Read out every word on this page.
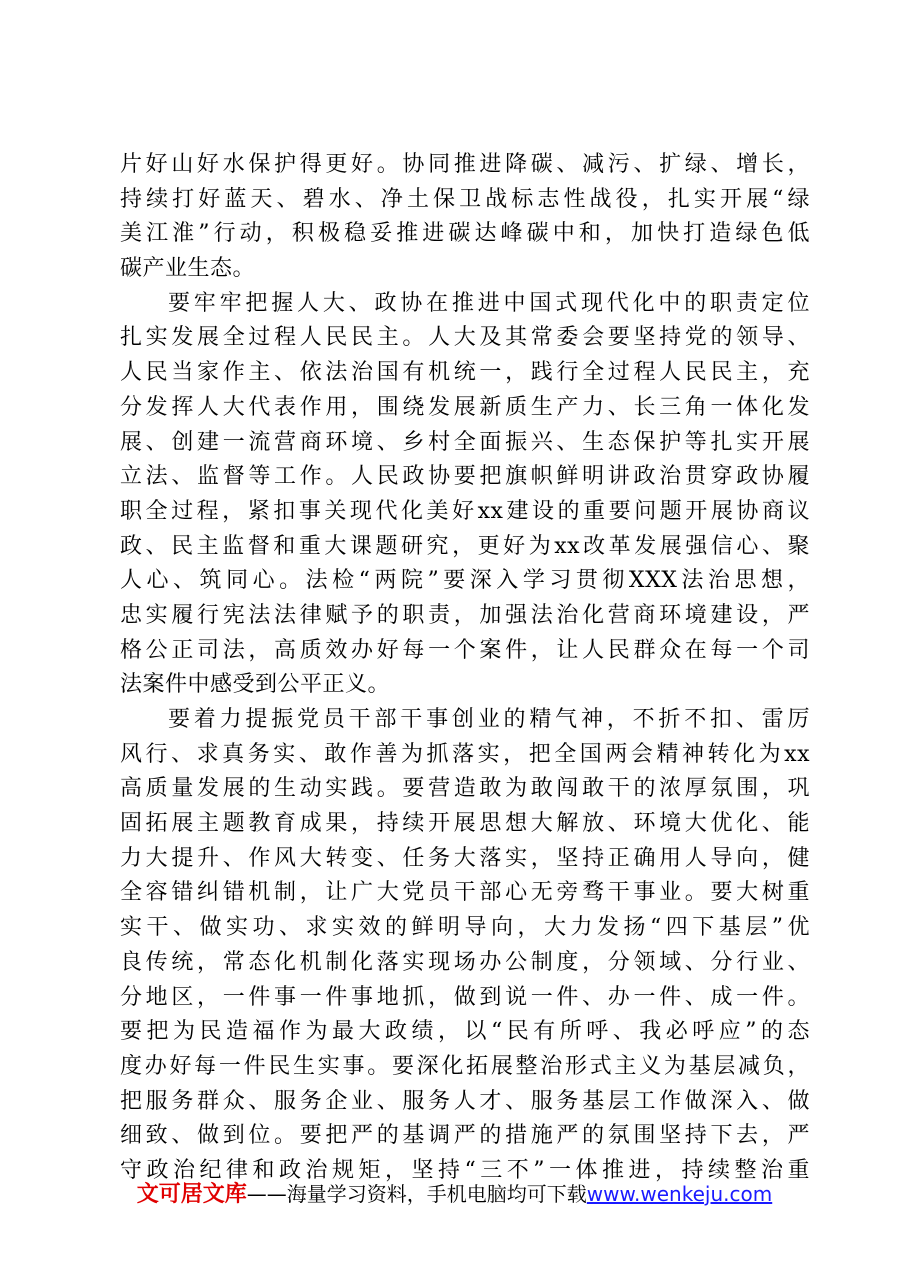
片好山好水保护得更好。协同推进降碳、减污、扩绿、增长，
持续打好蓝天、碧水、净土保卫战标志性战役，扎实开展“绿
美江淮”行动，积极稳妥推进碳达峰碳中和，加快打造绿色低
碳产业生态。
要牢牢把握人大、政协在推进中国式现代化中的职责定位
扎实发展全过程人民民主。人大及其常委会要坚持党的领导、
人民当家作主、依法治国有机统一，践行全过程人民民主，充
分发挥人大代表作用，围绕发展新质生产力、长三角一体化发
展、创建一流营商环境、乡村全面振兴、生态保护等扎实开展
立法、监督等工作。人民政协要把旗帜鲜明讲政治贯穿政协履
职全过程，紧扣事关现代化美好xx建设的重要问题开展协商议
政、民主监督和重大课题研究，更好为xx改革发展强信心、聚
人心、筑同心。法检“两院”要深入学习贯彻XXX法治思想，
忠实履行宪法法律赋予的职责，加强法治化营商环境建设，严
格公正司法，高质效办好每一个案件，让人民群众在每一个司
法案件中感受到公平正义。
要着力提振党员干部干事创业的精气神，不折不扣、雷厉
风行、求真务实、敢作善为抓落实，把全国两会精神转化为xx
高质量发展的生动实践。要营造敢为敢闯敢干的浓厚氛围，巩
固拓展主题教育成果，持续开展思想大解放、环境大优化、能
力大提升、作风大转变、任务大落实，坚持正确用人导向，健
全容错纠错机制，让广大党员干部心无旁骛干事业。要大树重
实干、做实功、求实效的鲜明导向，大力发扬“四下基层”优
良传统，常态化机制化落实现场办公制度，分领域、分行业、
分地区，一件事一件事地抓，做到说一件、办一件、成一件。
要把为民造福作为最大政绩，以“民有所呼、我必呼应”的态
度办好每一件民生实事。要深化拓展整治形式主义为基层减负，
把服务群众、服务企业、服务人才、服务基层工作做深入、做
细致、做到位。要把严的基调严的措施严的氛围坚持下去，严
守政治纪律和政治规矩，坚持“三不”一体推进，持续整治重
文可居文库——海量学习资料，手机电脑均可下载www.wenkeju.com
